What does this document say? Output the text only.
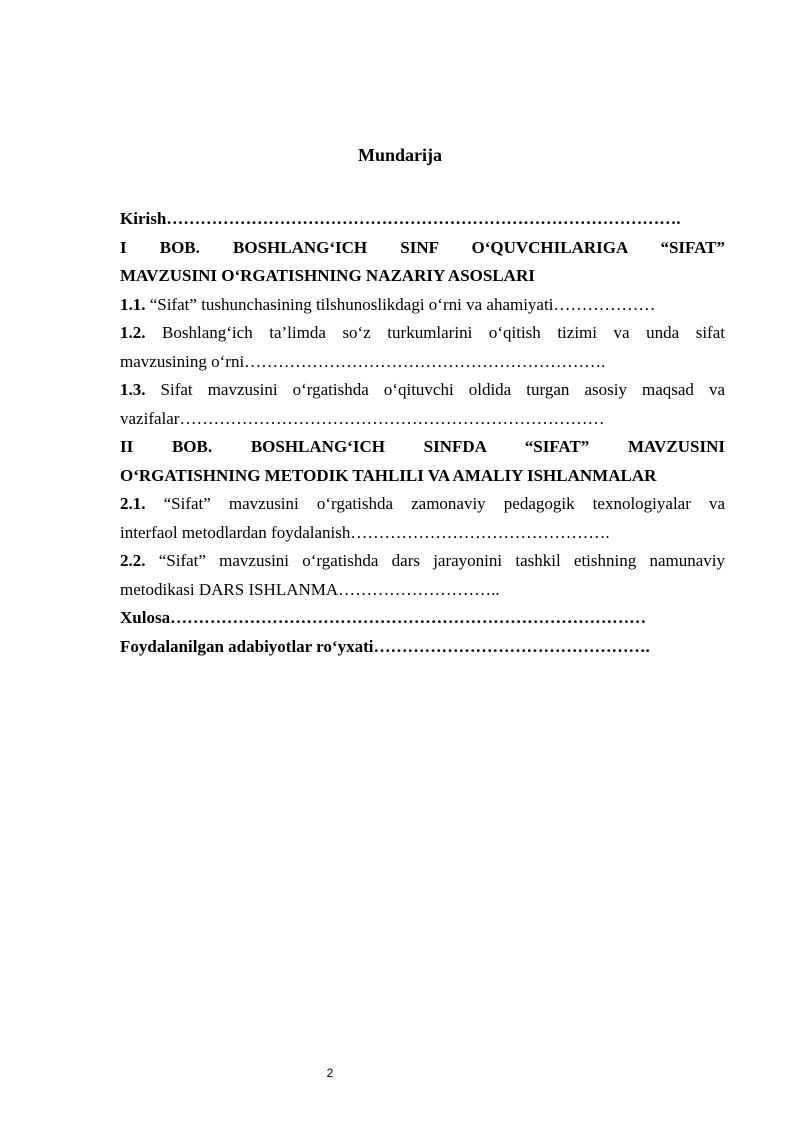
Mundarija

Kirish……………………………………………………………………………….

I BOB. BOSHLANG‘ICH SINF O‘QUVCHILARIGA “SIFAT”
MAVZUSINI O‘RGATISHNING NAZARIY ASOSLARI

1.1. “Sifat” tushunchasining tilshunoslikdagi o‘rni va ahamiyati………………

1.2. Boshlang‘ich ta’limda so‘z turkumlarini o‘qitish tizimi va unda sifat
mavzusining o‘rni……………………………………………………….
1.3. Sifat mavzusini o‘rgatishda o‘qituvchi oldida turgan asosiy maqsad va
vazifalar…………………………………………………………………
II BOB. BOSHLANG‘ICH SINFDA “SIFAT” MAVZUSINI
O‘RGATISHNING METODIK TAHLILI VA AMALIY ISHLANMALAR
2.1. “Sifat” mavzusini o‘rgatishda zamonaviy pedagogik texnologiyalar va
interfaol metodlardan foydalanish……………………………………….
2.2. “Sifat” mavzusini o‘rgatishda dars jarayonini tashkil etishning namunaviy
metodikasi DARS ISHLANMA………………………..

Xulosa…………………………………………………………………………

Foydalanilgan adabiyotlar ro‘yxati………………………………………….

2
